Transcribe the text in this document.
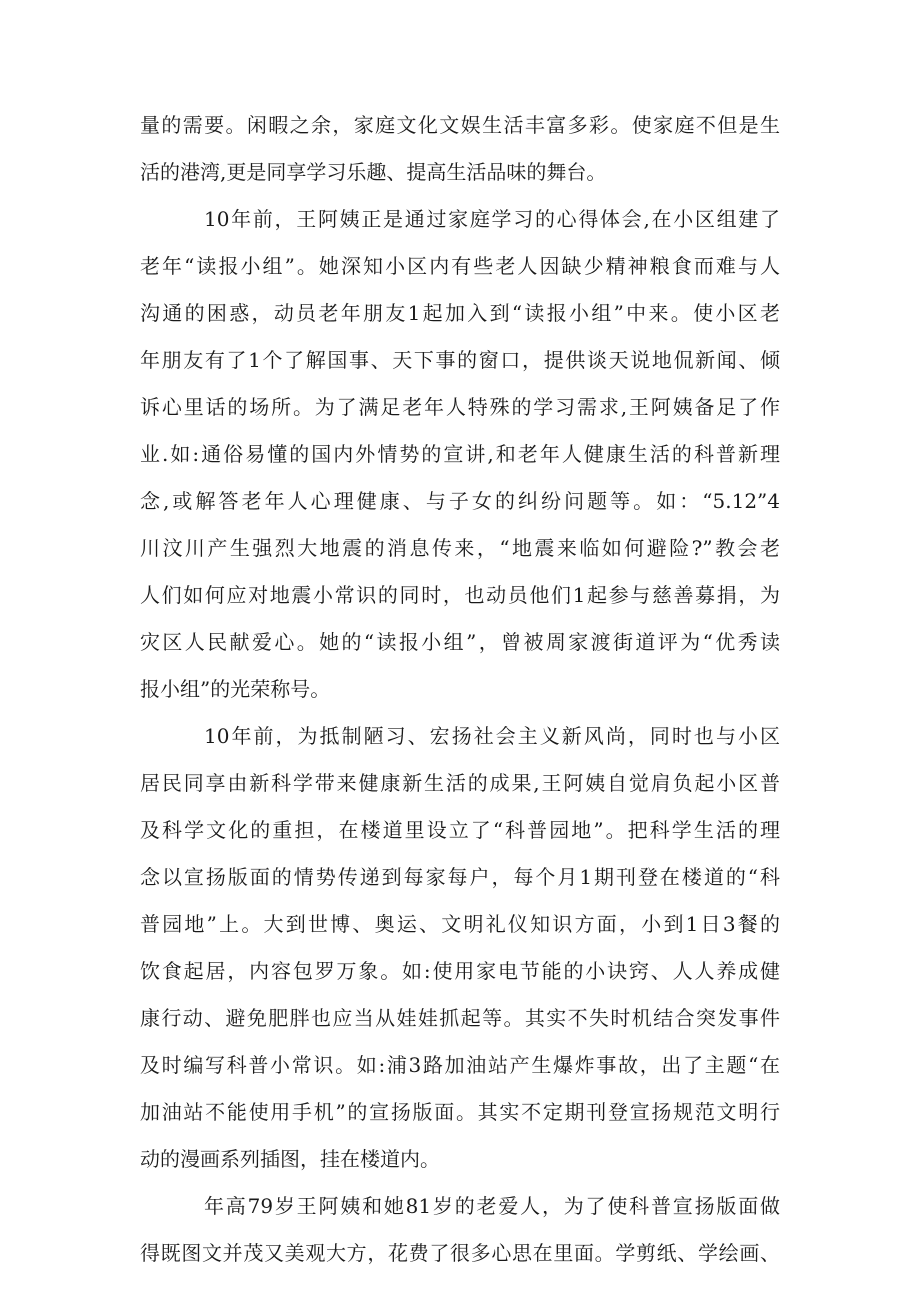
量的需要。闲暇之余，家庭文化文娱生活丰富多彩。使家庭不但是生
活的港湾,更是同享学习乐趣、提高生活品味的舞台。
10年前，王阿姨正是通过家庭学习的心得体会,在小区组建了
老年“读报小组”。她深知小区内有些老人因缺少精神粮食而难与人
沟通的困惑，动员老年朋友1起加入到“读报小组”中来。使小区老
年朋友有了1个了解国事、天下事的窗口，提供谈天说地侃新闻、倾
诉心里话的场所。为了满足老年人特殊的学习需求,王阿姨备足了作
业.如:通俗易懂的国内外情势的宣讲,和老年人健康生活的科普新理
念,或解答老年人心理健康、与子女的纠纷问题等。如：“5.12”4
川汶川产生强烈大地震的消息传来，“地震来临如何避险?”教会老
人们如何应对地震小常识的同时，也动员他们1起参与慈善募捐，为
灾区人民献爱心。她的“读报小组”，曾被周家渡街道评为“优秀读
报小组”的光荣称号。
10年前，为抵制陋习、宏扬社会主义新风尚，同时也与小区
居民同享由新科学带来健康新生活的成果,王阿姨自觉肩负起小区普
及科学文化的重担，在楼道里设立了“科普园地”。把科学生活的理
念以宣扬版面的情势传递到每家每户，每个月1期刊登在楼道的“科
普园地”上。大到世博、奥运、文明礼仪知识方面，小到1日3餐的
饮食起居，内容包罗万象。如:使用家电节能的小诀窍、人人养成健
康行动、避免肥胖也应当从娃娃抓起等。其实不失时机结合突发事件
及时编写科普小常识。如:浦3路加油站产生爆炸事故，出了主题“在
加油站不能使用手机”的宣扬版面。其实不定期刊登宣扬规范文明行
动的漫画系列插图，挂在楼道内。
年高79岁王阿姨和她81岁的老爱人，为了使科普宣扬版面做
得既图文并茂又美观大方，花费了很多心思在里面。学剪纸、学绘画、
